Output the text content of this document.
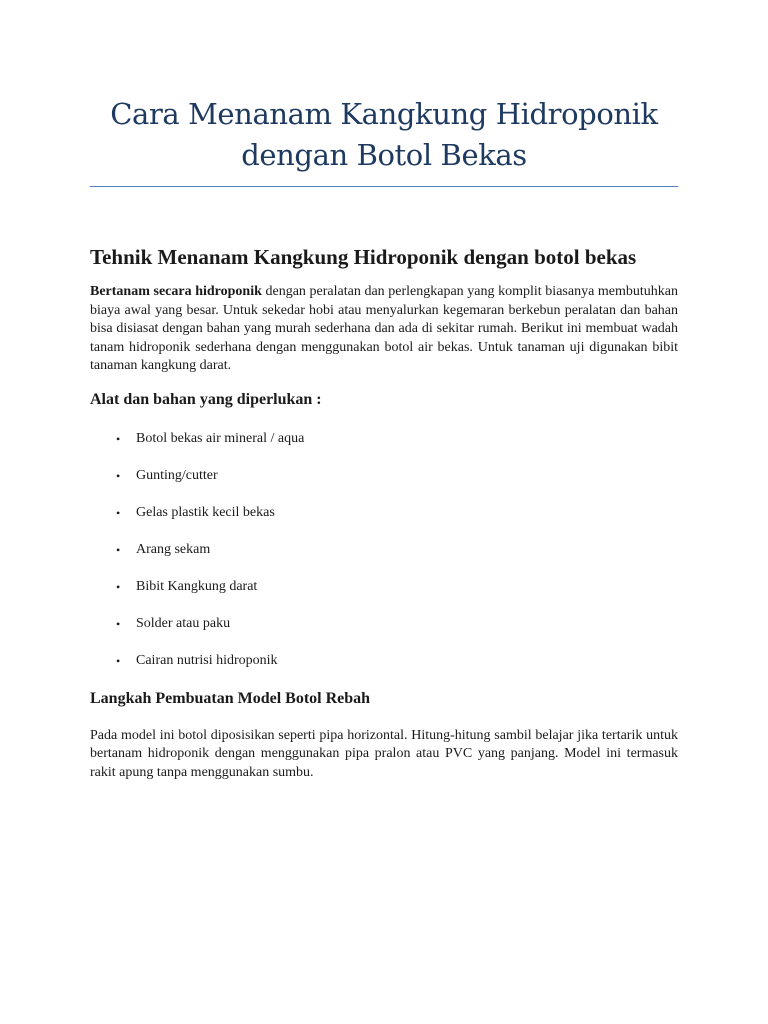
Cara Menanam Kangkung Hidroponik dengan Botol Bekas
Tehnik Menanam Kangkung Hidroponik dengan botol bekas

Bertanam secara hidroponik dengan peralatan dan perlengkapan yang komplit biasanya membutuhkan biaya awal yang besar. Untuk sekedar hobi atau menyalurkan kegemaran berkebun peralatan dan bahan bisa disiasat dengan bahan yang murah sederhana dan ada di sekitar rumah. Berikut ini membuat wadah tanam hidroponik sederhana dengan menggunakan botol air bekas. Untuk tanaman uji digunakan bibit tanaman kangkung darat.

Alat dan bahan yang diperlukan :
• Botol bekas air mineral / aqua
• Gunting/cutter
• Gelas plastik kecil bekas
• Arang sekam
• Bibit Kangkung darat
• Solder atau paku
• Cairan nutrisi hidroponik
Langkah Pembuatan Model Botol Rebah

Pada model ini botol diposisikan seperti pipa horizontal. Hitung-hitung sambil belajar jika tertarik untuk bertanam hidroponik dengan menggunakan pipa pralon atau PVC yang panjang. Model ini termasuk rakit apung tanpa menggunakan sumbu.
